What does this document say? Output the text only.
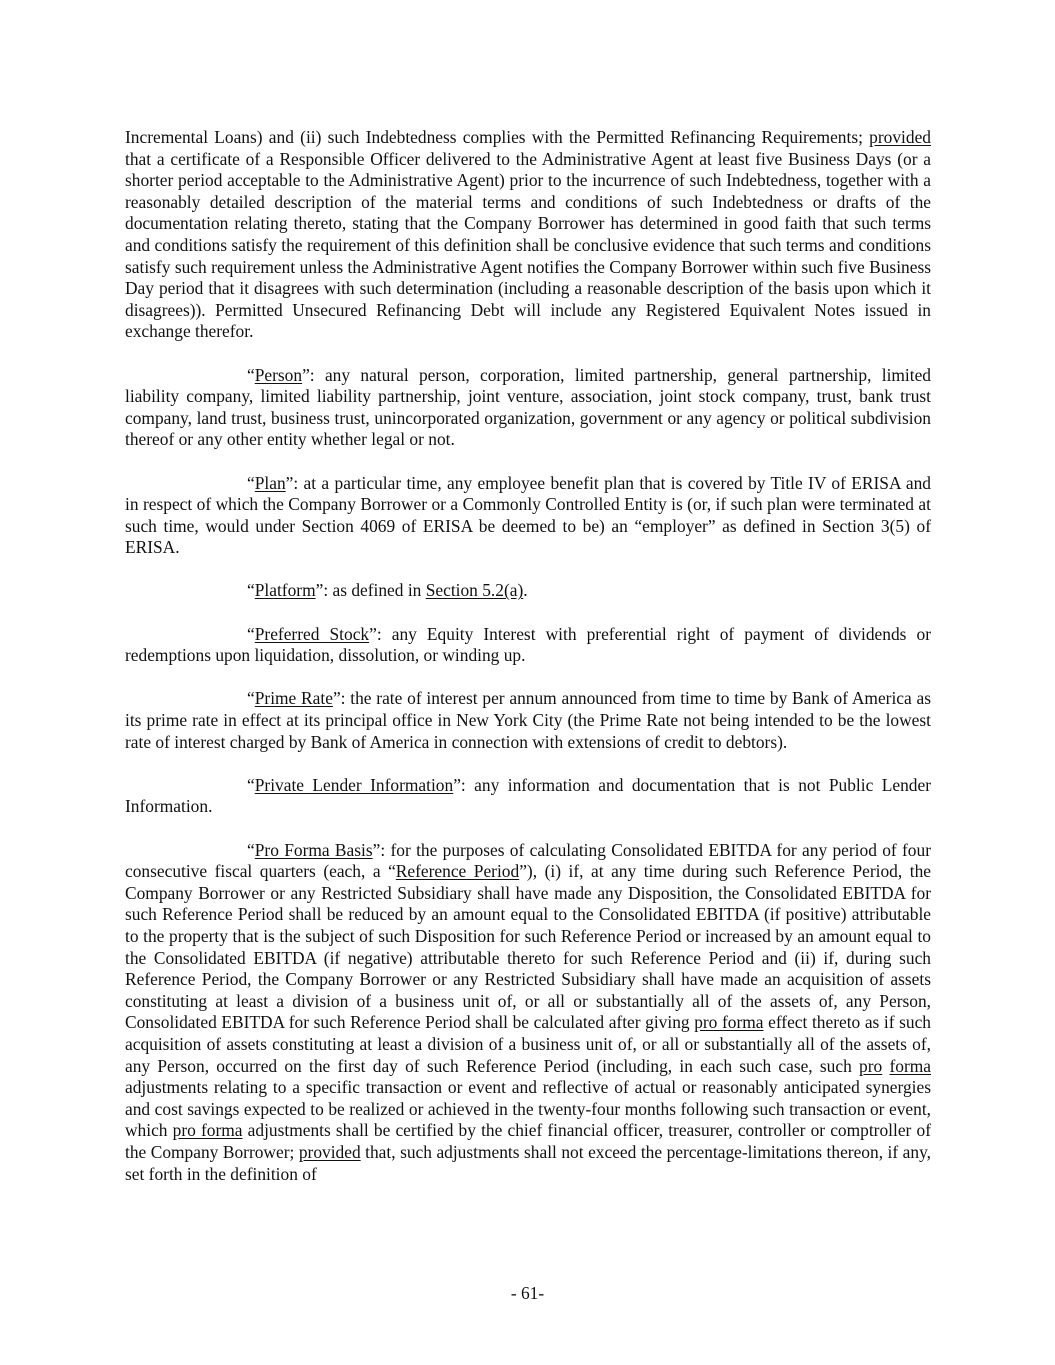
Incremental Loans) and (ii) such Indebtedness complies with the Permitted Refinancing Requirements; provided that a certificate of a Responsible Officer delivered to the Administrative Agent at least five Business Days (or a shorter period acceptable to the Administrative Agent) prior to the incurrence of such Indebtedness, together with a reasonably detailed description of the material terms and conditions of such Indebtedness or drafts of the documentation relating thereto, stating that the Company Borrower has determined in good faith that such terms and conditions satisfy the requirement of this definition shall be conclusive evidence that such terms and conditions satisfy such requirement unless the Administrative Agent notifies the Company Borrower within such five Business Day period that it disagrees with such determination (including a reasonable description of the basis upon which it disagrees)). Permitted Unsecured Refinancing Debt will include any Registered Equivalent Notes issued in exchange therefor.

“Person”: any natural person, corporation, limited partnership, general partnership, limited liability company, limited liability partnership, joint venture, association, joint stock company, trust, bank trust company, land trust, business trust, unincorporated organization, government or any agency or political subdivision thereof or any other entity whether legal or not.

“Plan”: at a particular time, any employee benefit plan that is covered by Title IV of ERISA and in respect of which the Company Borrower or a Commonly Controlled Entity is (or, if such plan were terminated at such time, would under Section 4069 of ERISA be deemed to be) an “employer” as defined in Section 3(5) of ERISA.

“Platform”: as defined in Section 5.2(a).

“Preferred Stock”: any Equity Interest with preferential right of payment of dividends or redemptions upon liquidation, dissolution, or winding up.

“Prime Rate”: the rate of interest per annum announced from time to time by Bank of America as its prime rate in effect at its principal office in New York City (the Prime Rate not being intended to be the lowest rate of interest charged by Bank of America in connection with extensions of credit to debtors).

“Private Lender Information”: any information and documentation that is not Public Lender Information.

“Pro Forma Basis”: for the purposes of calculating Consolidated EBITDA for any period of four consecutive fiscal quarters (each, a “Reference Period”), (i) if, at any time during such Reference Period, the Company Borrower or any Restricted Subsidiary shall have made any Disposition, the Consolidated EBITDA for such Reference Period shall be reduced by an amount equal to the Consolidated EBITDA (if positive) attributable to the property that is the subject of such Disposition for such Reference Period or increased by an amount equal to the Consolidated EBITDA (if negative) attributable thereto for such Reference Period and (ii) if, during such Reference Period, the Company Borrower or any Restricted Subsidiary shall have made an acquisition of assets constituting at least a division of a business unit of, or all or substantially all of the assets of, any Person, Consolidated EBITDA for such Reference Period shall be calculated after giving pro forma effect thereto as if such acquisition of assets constituting at least a division of a business unit of, or all or substantially all of the assets of, any Person, occurred on the first day of such Reference Period (including, in each such case, such pro forma adjustments relating to a specific transaction or event and reflective of actual or reasonably anticipated synergies and cost savings expected to be realized or achieved in the twenty-four months following such transaction or event, which pro forma adjustments shall be certified by the chief financial officer, treasurer, controller or comptroller of the Company Borrower; provided that, such adjustments shall not exceed the percentage-limitations thereon, if any, set forth in the definition of

- 61-
